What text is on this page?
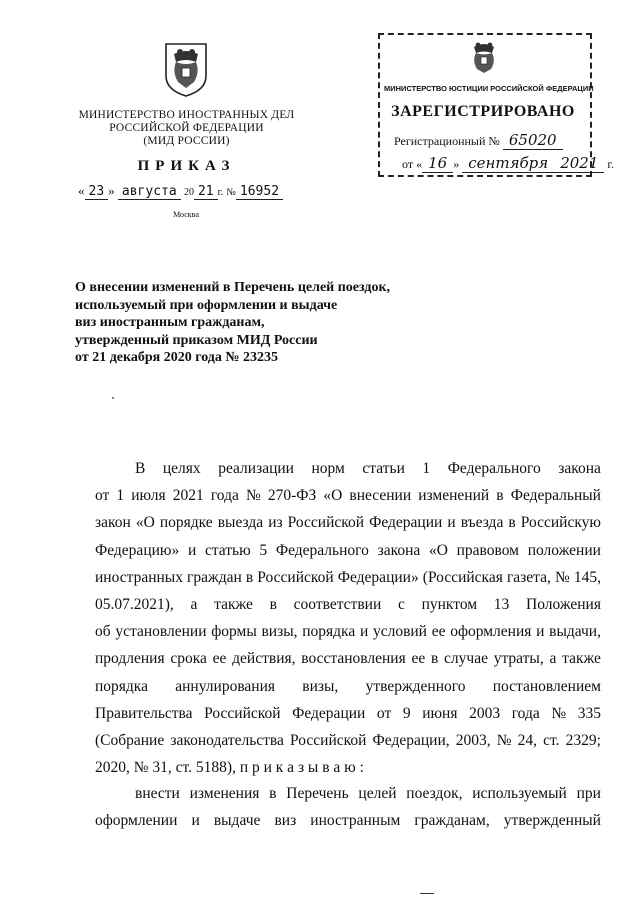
МИНИСТЕРСТВО ИНОСТРАННЫХ ДЕЛ
РОССИЙСКОЙ ФЕДЕРАЦИИ
(МИД РОССИИ)
ПРИКАЗ
« 23 » августа 20 21 г. № 16952
Москва
МИНИСТЕРСТВО ЮСТИЦИИ РОССИЙСКОЙ ФЕДЕРАЦИИ
ЗАРЕГИСТРИРОВАНО
Регистрационный № 65020
от « 16 » сентября 2021 г.
О внесении изменений в Перечень целей поездок,
используемый при оформлении и выдаче
виз иностранным гражданам,
утвержденный приказом МИД России
от 21 декабря 2020 года № 23235
В целях реализации норм статьи 1 Федерального закона
от 1 июля 2021 года № 270-ФЗ «О внесении изменений в Федеральный
закон «О порядке выезда из Российской Федерации и въезда в Российскую
Федерацию» и статью 5 Федерального закона «О правовом положении
иностранных граждан в Российской Федерации» (Российская газета, № 145,
05.07.2021), а также в соответствии с пунктом 13 Положения
об установлении формы визы, порядка и условий ее оформления и выдачи,
продления срока ее действия, восстановления ее в случае утраты, а также
порядка аннулирования визы, утвержденного постановлением
Правительства Российской Федерации от 9 июня 2003 года № 335
(Собрание законодательства Российской Федерации, 2003, № 24, ст. 2329;
2020, № 31, ст. 5188), п р и к а з ы в а ю :
внести изменения в Перечень целей поездок, используемый при
оформлении и выдаче виз иностранным гражданам, утвержденный
